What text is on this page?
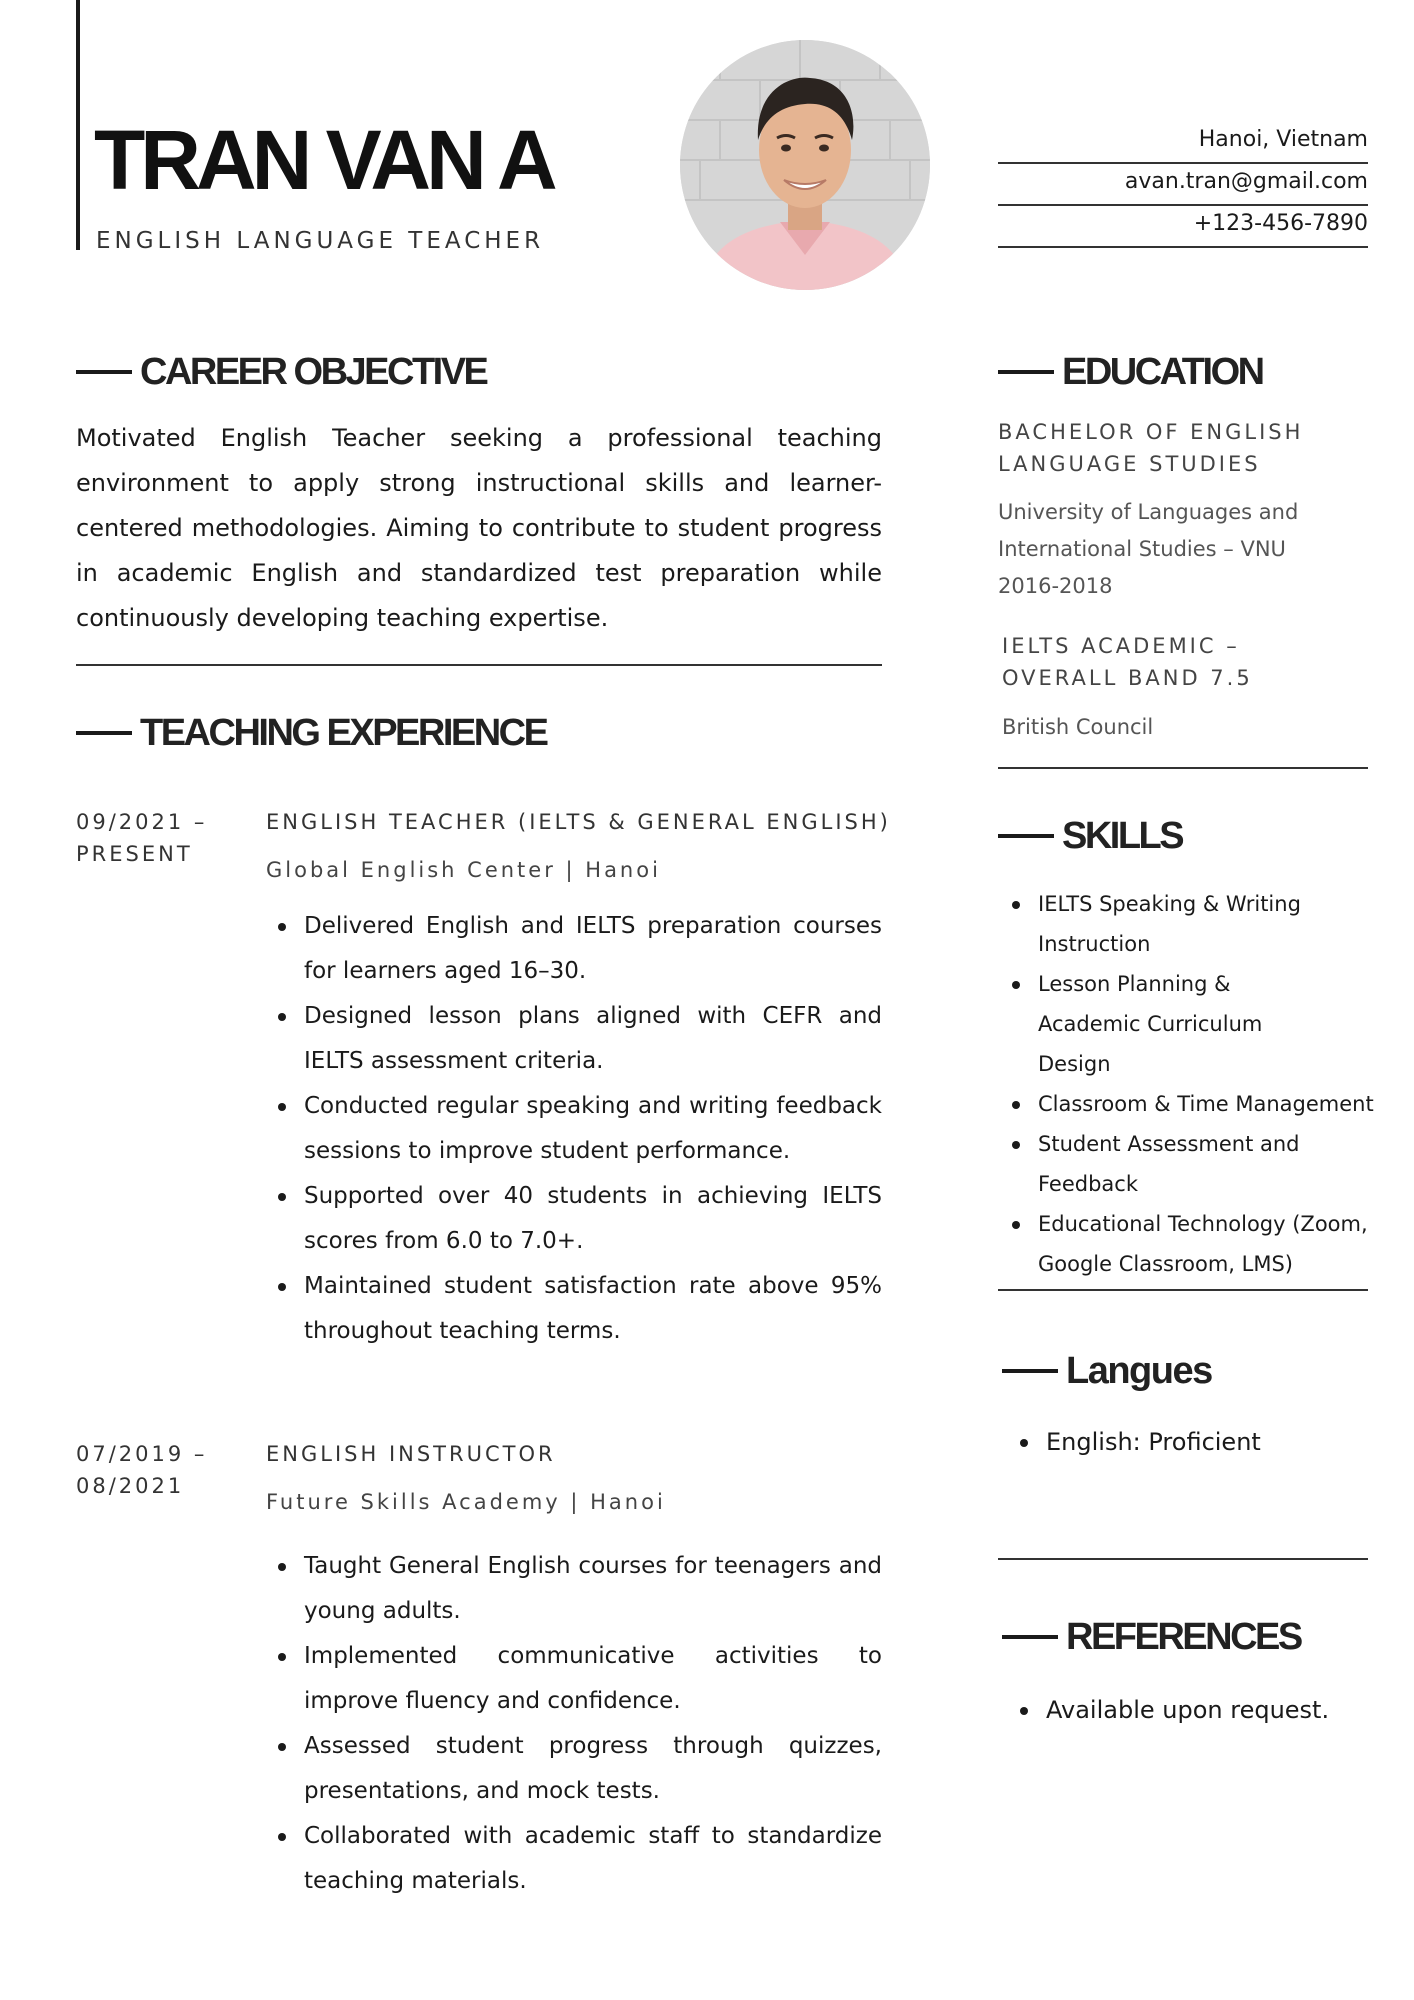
TRAN VAN A
ENGLISH LANGUAGE TEACHER
Hanoi, Vietnam
avan.tran@gmail.com
+123-456-7890
CAREER OBJECTIVE
Motivated English Teacher seeking a professional teaching environment to apply strong instructional skills and learner-centered methodologies. Aiming to contribute to student progress in academic English and standardized test preparation while continuously developing teaching expertise.
TEACHING EXPERIENCE
09/2021 –
PRESENT
ENGLISH TEACHER (IELTS & GENERAL ENGLISH)
Global English Center | Hanoi
Delivered English and IELTS preparation courses for learners aged 16–30.
Designed lesson plans aligned with CEFR and IELTS assessment criteria.
Conducted regular speaking and writing feedback sessions to improve student performance.
Supported over 40 students in achieving IELTS scores from 6.0 to 7.0+.
Maintained student satisfaction rate above 95% throughout teaching terms.
07/2019 –
08/2021
ENGLISH INSTRUCTOR
Future Skills Academy | Hanoi
Taught General English courses for teenagers and young adults.
Implemented communicative activities to improve fluency and confidence.
Assessed student progress through quizzes, presentations, and mock tests.
Collaborated with academic staff to standardize teaching materials.
EDUCATION
BACHELOR OF ENGLISH
LANGUAGE STUDIES
University of Languages and
International Studies – VNU
2016-2018
IELTS ACADEMIC –
OVERALL BAND 7.5
British Council
SKILLS
IELTS Speaking & Writing Instruction
Lesson Planning & Academic Curriculum Design
Classroom & Time Management
Student Assessment and Feedback
Educational Technology (Zoom, Google Classroom, LMS)
Langues
English: Proficient
REFERENCES
Available upon request.
